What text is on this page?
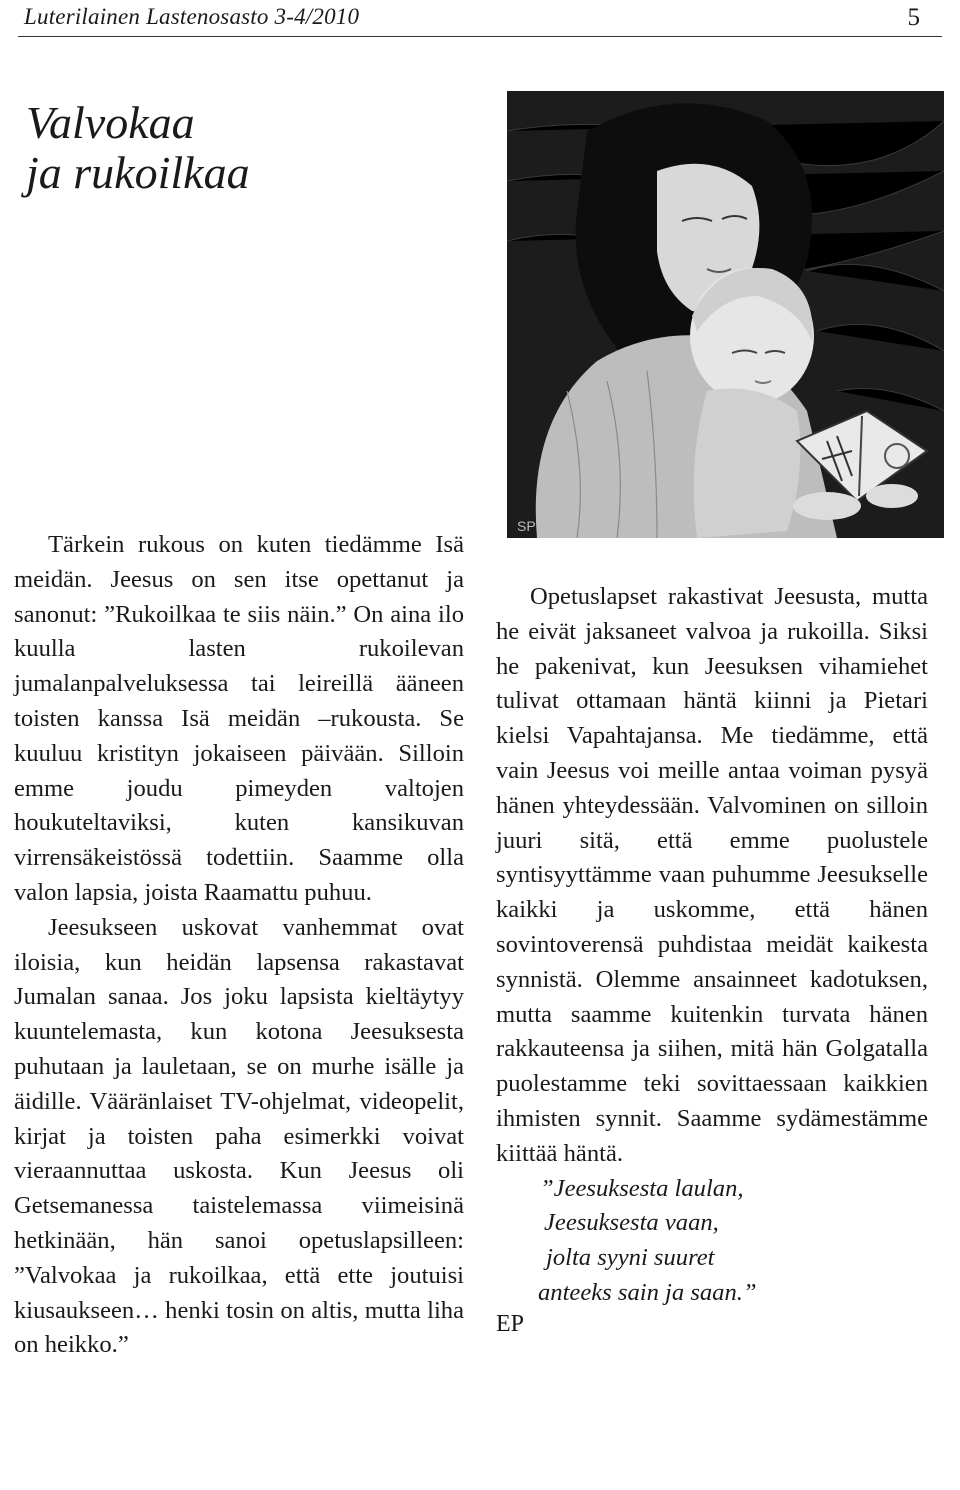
Luterilainen Lastenosasto 3-4/2010	5
Valvokaa
ja rukoilkaa
SP

Tärkein rukous on kuten tiedämme Isä meidän. Jeesus on sen itse opettanut ja sanonut: ”Rukoilkaa te siis näin.” On aina ilo kuulla lasten rukoilevan jumalanpalveluksessa tai leireillä ääneen toisten kanssa Isä meidän –rukousta. Se kuuluu kristityn jokaiseen päivään. Silloin emme joudu pimeyden valtojen houkuteltaviksi, kuten kansikuvan virrensäkeistössä todettiin. Saamme olla valon lapsia, joista Raamattu puhuu.

Jeesukseen uskovat vanhemmat ovat iloisia, kun heidän lapsensa rakastavat Jumalan sanaa. Jos joku lapsista kieltäytyy kuuntelemasta, kun kotona Jeesuksesta puhutaan ja lauletaan, se on murhe isälle ja äidille. Vääränlaiset TV-ohjelmat, videopelit, kirjat ja toisten paha esimerkki voivat vieraannuttaa uskosta. Kun Jeesus oli Getsemanessa taistelemassa viimeisinä hetkinään, hän sanoi opetuslapsilleen: ”Valvokaa ja rukoilkaa, että ette joutuisi kiusaukseen… henki tosin on altis, mutta liha on heikko.”

Opetuslapset rakastivat Jeesusta, mutta he eivät jaksaneet valvoa ja rukoilla. Siksi he pakenivat, kun Jeesuksen vihamiehet tulivat ottamaan häntä kiinni ja Pietari kielsi Vapahtajansa. Me tiedämme, että vain Jeesus voi meille antaa voiman pysyä hänen yhteydessään. Valvominen on silloin juuri sitä, että emme puolustele syntisyyttämme vaan puhumme Jeesukselle kaikki ja uskomme, että hänen sovintoverensä puhdistaa meidät kaikesta synnistä. Olemme ansainneet kadotuksen, mutta saamme kuitenkin turvata hänen rakkauteensa ja siihen, mitä hän Golgatalla puolestamme teki sovittaessaan kaikkien ihmisten synnit. Saamme sydämestämme kiittää häntä.

”Jeesuksesta laulan,
Jeesuksesta vaan,
jolta syyni suuret
anteeks sain ja saan.”
EP
